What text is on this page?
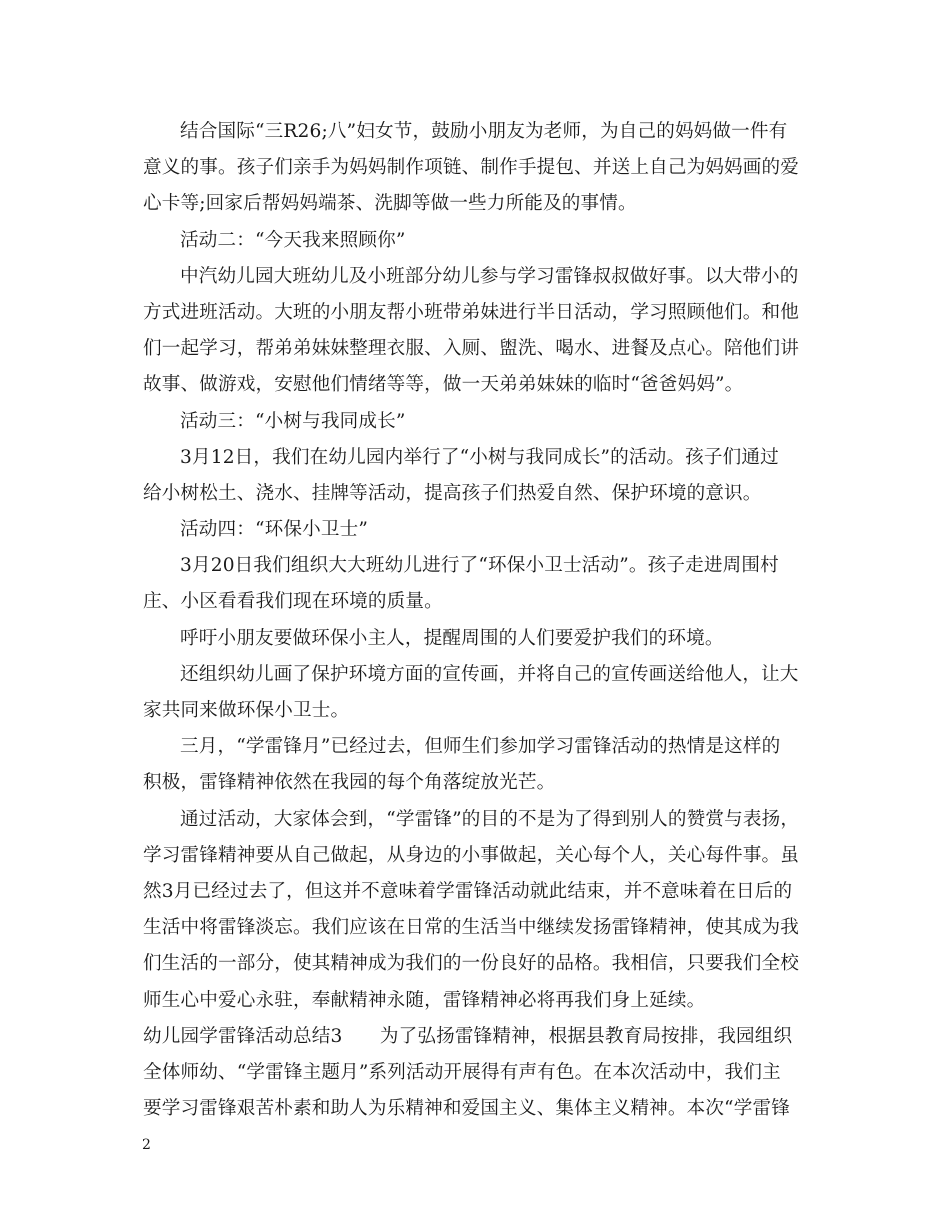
结合国际“三R26;八”妇女节，鼓励小朋友为老师，为自己的妈妈做一件有
意义的事。孩子们亲手为妈妈制作项链、制作手提包、并送上自己为妈妈画的爱
心卡等;回家后帮妈妈端茶、洗脚等做一些力所能及的事情。
活动二：“今天我来照顾你”
中汽幼儿园大班幼儿及小班部分幼儿参与学习雷锋叔叔做好事。以大带小的
方式进班活动。大班的小朋友帮小班带弟妹进行半日活动，学习照顾他们。和他
们一起学习，帮弟弟妹妹整理衣服、入厕、盥洗、喝水、进餐及点心。陪他们讲
故事、做游戏，安慰他们情绪等等，做一天弟弟妹妹的临时“爸爸妈妈”。
活动三：“小树与我同成长”
3月12日，我们在幼儿园内举行了“小树与我同成长”的活动。孩子们通过
给小树松土、浇水、挂牌等活动，提高孩子们热爱自然、保护环境的意识。
活动四：“环保小卫士”
3月20日我们组织大大班幼儿进行了“环保小卫士活动”。孩子走进周围村
庄、小区看看我们现在环境的质量。
呼吁小朋友要做环保小主人，提醒周围的人们要爱护我们的环境。
还组织幼儿画了保护环境方面的宣传画，并将自己的宣传画送给他人，让大
家共同来做环保小卫士。
三月，“学雷锋月”已经过去，但师生们参加学习雷锋活动的热情是这样的
积极，雷锋精神依然在我园的每个角落绽放光芒。
通过活动，大家体会到，“学雷锋”的目的不是为了得到别人的赞赏与表扬，
学习雷锋精神要从自己做起，从身边的小事做起，关心每个人，关心每件事。虽
然3月已经过去了，但这并不意味着学雷锋活动就此结束，并不意味着在日后的
生活中将雷锋淡忘。我们应该在日常的生活当中继续发扬雷锋精神，使其成为我
们生活的一部分，使其精神成为我们的一份良好的品格。我相信，只要我们全校
师生心中爱心永驻，奉献精神永随，雷锋精神必将再我们身上延续。
幼儿园学雷锋活动总结3　　为了弘扬雷锋精神，根据县教育局按排，我园组织
全体师幼、“学雷锋主题月”系列活动开展得有声有色。在本次活动中，我们主
要学习雷锋艰苦朴素和助人为乐精神和爱国主义、集体主义精神。本次“学雷锋
2
